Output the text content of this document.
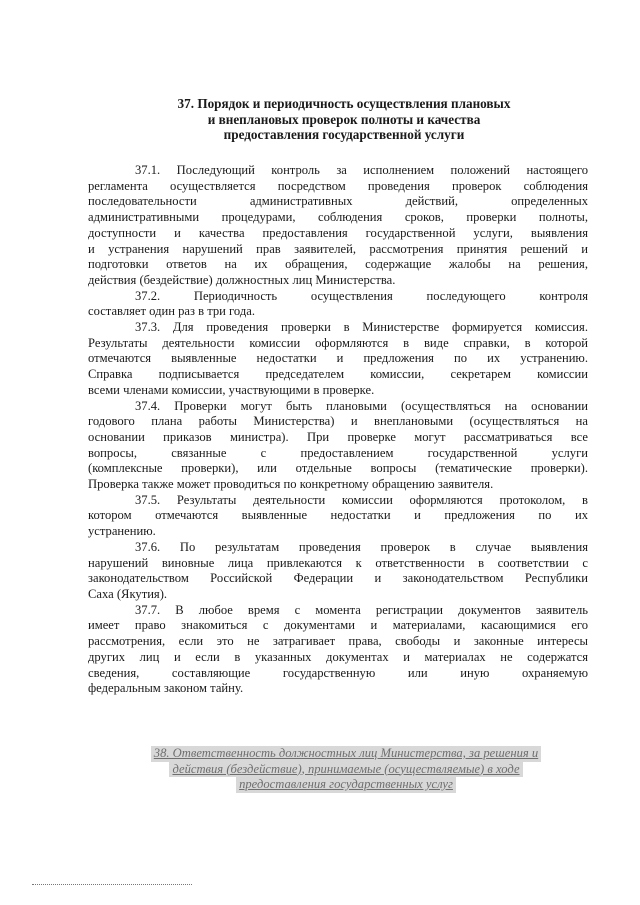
37. Порядок и периодичность осуществления плановых
и внеплановых проверок полноты и качества
предоставления государственной услуги
37.1. Последующий контроль за исполнением положений настоящего
регламента осуществляется посредством проведения проверок соблюдения
последовательности административных действий, определенных
административными процедурами, соблюдения сроков, проверки полноты,
доступности и качества предоставления государственной услуги, выявления
и устранения нарушений прав заявителей, рассмотрения принятия решений и
подготовки ответов на их обращения, содержащие жалобы на решения,
действия (бездействие) должностных лиц Министерства.
37.2. Периодичность осуществления последующего контроля
составляет один раз в три года.
37.3. Для проведения проверки в Министерстве формируется комиссия.
Результаты деятельности комиссии оформляются в виде справки, в которой
отмечаются выявленные недостатки и предложения по их устранению.
Справка подписывается председателем комиссии, секретарем комиссии
всеми членами комиссии, участвующими в проверке.
37.4. Проверки могут быть плановыми (осуществляться на основании
годового плана работы Министерства) и внеплановыми (осуществляться на
основании приказов министра). При проверке могут рассматриваться все
вопросы, связанные с предоставлением государственной услуги
(комплексные проверки), или отдельные вопросы (тематические проверки).
Проверка также может проводиться по конкретному обращению заявителя.
37.5. Результаты деятельности комиссии оформляются протоколом, в
котором отмечаются выявленные недостатки и предложения по их
устранению.
37.6. По результатам проведения проверок в случае выявления
нарушений виновные лица привлекаются к ответственности в соответствии с
законодательством Российской Федерации и законодательством Республики
Саха (Якутия).
37.7. В любое время с момента регистрации документов заявитель
имеет право знакомиться с документами и материалами, касающимися его
рассмотрения, если это не затрагивает права, свободы и законные интересы
других лиц и если в указанных документах и материалах не содержатся
сведения, составляющие государственную или иную охраняемую
федеральным законом тайну.
38. Ответственность должностных лиц Министерства, за решения и
действия (бездействие), принимаемые (осуществляемые) в ходе
предоставления государственных услуг
